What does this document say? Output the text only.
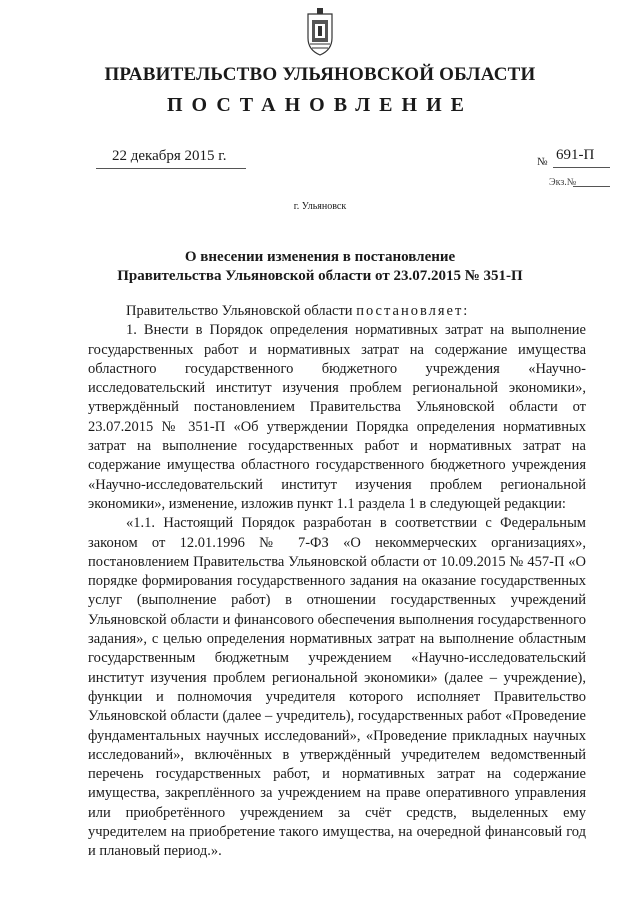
ПРАВИТЕЛЬСТВО УЛЬЯНОВСКОЙ ОБЛАСТИ
ПОСТАНОВЛЕНИЕ
22 декабря 2015 г.	№ 691-П
Экз.№
г. Ульяновск
О внесении изменения в постановление
Правительства Ульяновской области от 23.07.2015 № 351-П

Правительство Ульяновской области постановляет:

1. Внести в Порядок определения нормативных затрат на выполнение государственных работ и нормативных затрат на содержание имущества областного государственного бюджетного учреждения «Научно-исследовательский институт изучения проблем региональной экономики», утверждённый постановлением Правительства Ульяновской области от 23.07.2015 № 351-П «Об утверждении Порядка определения нормативных затрат на выполнение государственных работ и нормативных затрат на содержание имущества областного государственного бюджетного учреждения «Научно-исследовательский институт изучения проблем региональной экономики», изменение, изложив пункт 1.1 раздела 1 в следующей редакции:

«1.1. Настоящий Порядок разработан в соответствии с Федеральным законом от 12.01.1996 № 7-ФЗ «О некоммерческих организациях», постановлением Правительства Ульяновской области от 10.09.2015 № 457-П «О порядке формирования государственного задания на оказание государственных услуг (выполнение работ) в отношении государственных учреждений Ульяновской области и финансового обеспечения выполнения государственного задания», с целью определения нормативных затрат на выполнение областным государственным бюджетным учреждением «Научно-исследовательский институт изучения проблем региональной экономики» (далее – учреждение), функции и полномочия учредителя которого исполняет Правительство Ульяновской области (далее – учредитель), государственных работ «Проведение фундаментальных научных исследований», «Проведение прикладных научных исследований», включённых в утверждённый учредителем ведомственный перечень государственных работ, и нормативных затрат на содержание имущества, закреплённого за учреждением на праве оперативного управления или приобретённого учреждением за счёт средств, выделенных ему учредителем на приобретение такого имущества, на очередной финансовый год и плановый период.».
